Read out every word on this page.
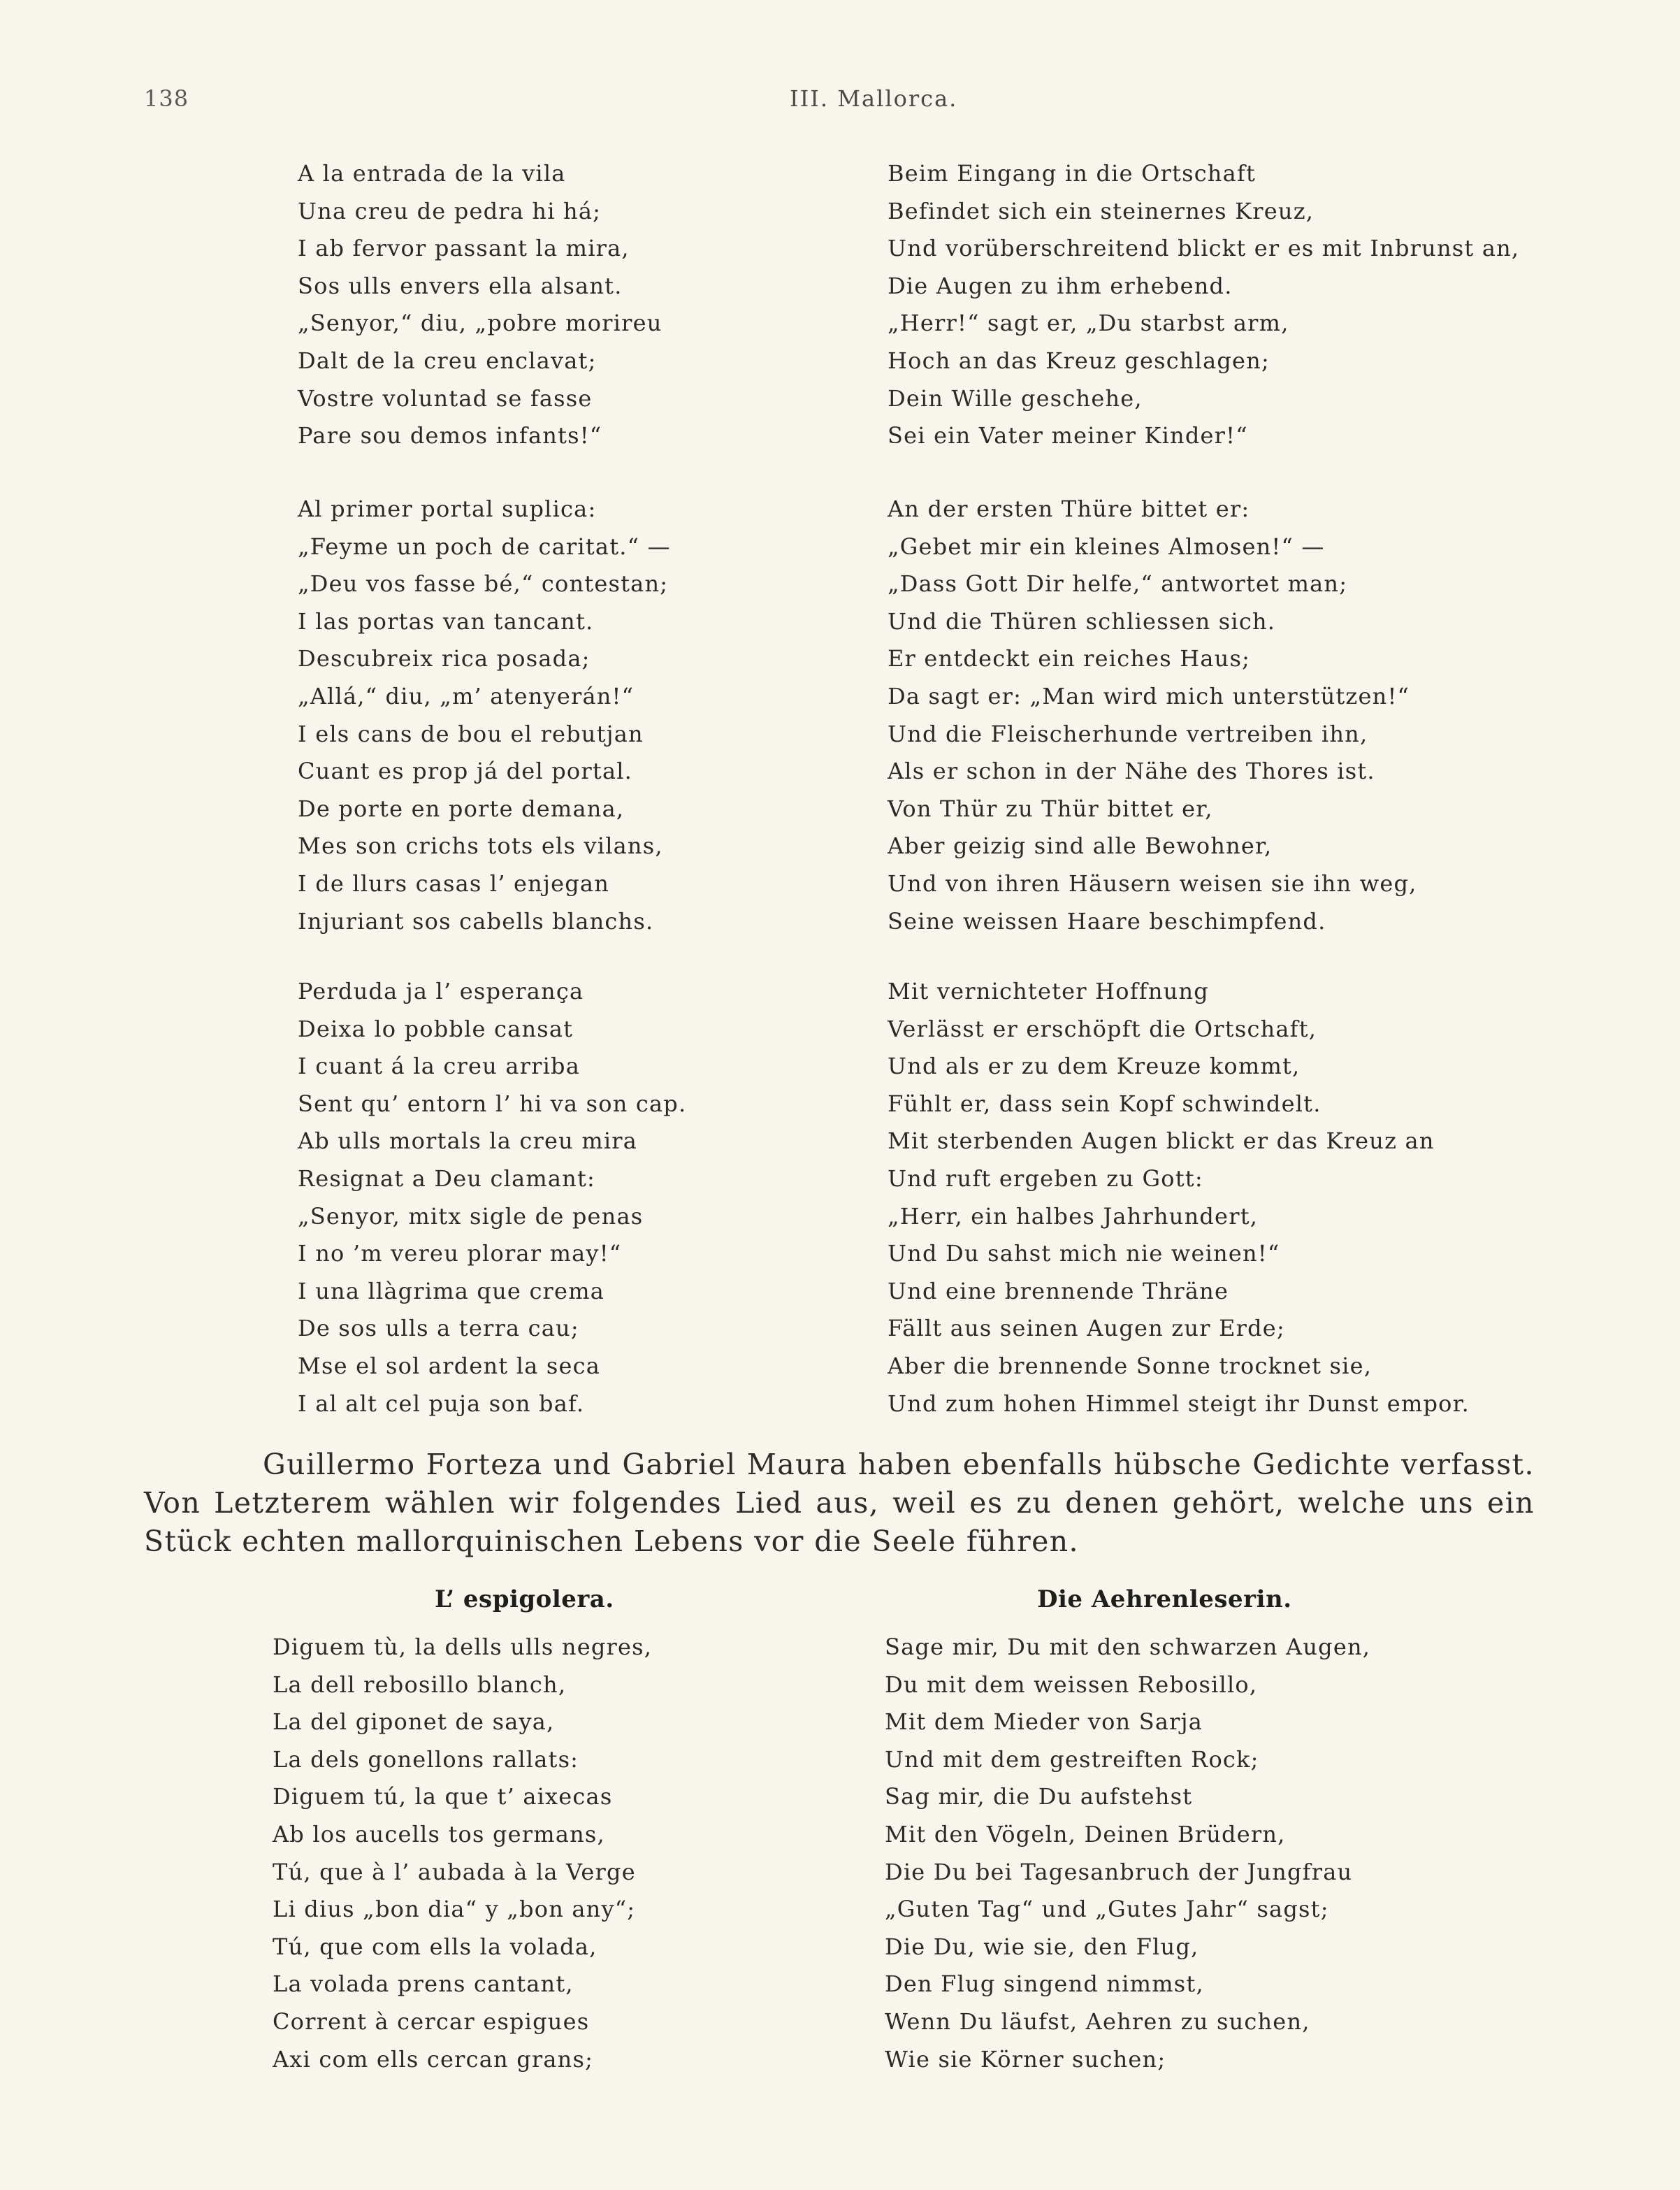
138	III. Mallorca.
A la entrada de la vila
Una creu de pedra hi há;
I ab fervor passant la mira,
Sos ulls envers ella alsant.
„Senyor,“ diu, „pobre morireu
Dalt de la creu enclavat;
Vostre voluntad se fasse
Pare sou demos infants!“
Beim Eingang in die Ortschaft
Befindet sich ein steinernes Kreuz,
Und vorüberschreitend blickt er es mit Inbrunst an,
Die Augen zu ihm erhebend.
„Herr!“ sagt er, „Du starbst arm,
Hoch an das Kreuz geschlagen;
Dein Wille geschehe,
Sei ein Vater meiner Kinder!“
Al primer portal suplica:
„Feyme un poch de caritat.“ —
„Deu vos fasse bé,“ contestan;
I las portas van tancant.
Descubreix rica posada;
„Allá,“ diu, „m’ atenyerán!“
I els cans de bou el rebutjan
Cuant es prop já del portal.
De porte en porte demana,
Mes son crichs tots els vilans,
I de llurs casas l’ enjegan
Injuriant sos cabells blanchs.
An der ersten Thüre bittet er:
„Gebet mir ein kleines Almosen!“ —
„Dass Gott Dir helfe,“ antwortet man;
Und die Thüren schliessen sich.
Er entdeckt ein reiches Haus;
Da sagt er: „Man wird mich unterstützen!“
Und die Fleischerhunde vertreiben ihn,
Als er schon in der Nähe des Thores ist.
Von Thür zu Thür bittet er,
Aber geizig sind alle Bewohner,
Und von ihren Häusern weisen sie ihn weg,
Seine weissen Haare beschimpfend.
Perduda ja l’ esperança
Deixa lo pobble cansat
I cuant á la creu arriba
Sent qu’ entorn l’ hi va son cap.
Ab ulls mortals la creu mira
Resignat a Deu clamant:
„Senyor, mitx sigle de penas
I no ’m vereu plorar may!“
I una llàgrima que crema
De sos ulls a terra cau;
Mse el sol ardent la seca
I al alt cel puja son baf.
Mit vernichteter Hoffnung
Verlässt er erschöpft die Ortschaft,
Und als er zu dem Kreuze kommt,
Fühlt er, dass sein Kopf schwindelt.
Mit sterbenden Augen blickt er das Kreuz an
Und ruft ergeben zu Gott:
„Herr, ein halbes Jahrhundert,
Und Du sahst mich nie weinen!“
Und eine brennende Thräne
Fällt aus seinen Augen zur Erde;
Aber die brennende Sonne trocknet sie,
Und zum hohen Himmel steigt ihr Dunst empor.

Guillermo Forteza und Gabriel Maura haben ebenfalls hübsche Gedichte verfasst. Von Letzterem wählen wir folgendes Lied aus, weil es zu denen gehört, welche uns ein Stück echten mallorquinischen Lebens vor die Seele führen.

L’ espigolera.	Die Aehrenleserin.
Diguem tù, la dells ulls negres,
La dell rebosillo blanch,
La del giponet de saya,
La dels gonellons rallats:
Diguem tú, la que t’ aixecas
Ab los aucells tos germans,
Tú, que à l’ aubada à la Verge
Li dius „bon dia“ y „bon any“;
Tú, que com ells la volada,
La volada prens cantant,
Corrent à cercar espigues
Axi com ells cercan grans;
Sage mir, Du mit den schwarzen Augen,
Du mit dem weissen Rebosillo,
Mit dem Mieder von Sarja
Und mit dem gestreiften Rock;
Sag mir, die Du aufstehst
Mit den Vögeln, Deinen Brüdern,
Die Du bei Tagesanbruch der Jungfrau
„Guten Tag“ und „Gutes Jahr“ sagst;
Die Du, wie sie, den Flug,
Den Flug singend nimmst,
Wenn Du läufst, Aehren zu suchen,
Wie sie Körner suchen;
